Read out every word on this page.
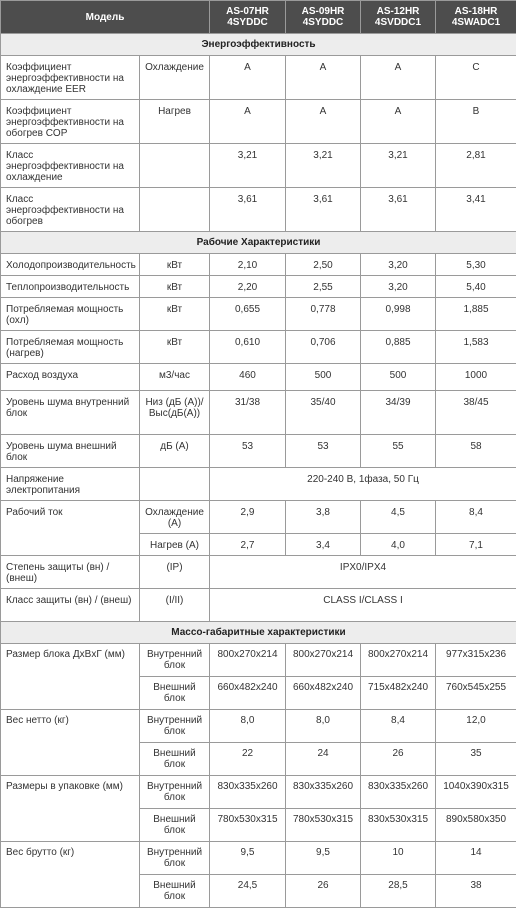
Модель		AS-07HR 4SYDDC	AS-09HR 4SYDDC	AS-12HR 4SVDDC1	AS-18HR 4SWADC1
Энергоэффективность					
Коэффициент энергоэффективности на охлаждение EER	Охлаждение	A	A	A	C
Коэффициент энергоэффективности на обогрев COP	Нагрев	A	A	A	B
Класс энергоэффективности на охлаждение		3,21	3,21	3,21	2,81
Класс энергоэффективности на обогрев		3,61	3,61	3,61	3,41
Рабочие Характеристики					
Холодопроизводительность	кВт	2,10	2,50	3,20	5,30
Теплопроизводительность	кВт	2,20	2,55	3,20	5,40
Потребляемая мощность (охл)	кВт	0,655	0,778	0,998	1,885
Потребляемая мощность (нагрев)	кВт	0,610	0,706	0,885	1,583
Расход воздуха	м3/час	460	500	500	1000
Уровень шума внутренний блок	Низ (дБ (А))/ Выс(дБ(А))	31/38	35/40	34/39	38/45
Уровень шума внешний блок	дБ (А)	53	53	55	58
Напряжение электропитания		220-240 В, 1фаза, 50 Гц			
Рабочий ток	Охлаждение (А)	2,9	3,8	4,5	8,4
	Нагрев (А)	2,7	3,4	4,0	7,1
Степень защиты (вн) / (внеш)	(IP)	IPX0/IPX4			
Класс защиты (вн) / (внеш)	(I/II)	CLASS I/CLASS I			
Массо-габаритные характеристики					
Размер блока ДxВxГ (мм)	Внутренний блок	800x270x214	800x270x214	800x270x214	977x315x236
	Внешний блок	660x482x240	660x482x240	715x482x240	760x545x255
Вес нетто (кг)	Внутренний блок	8,0	8,0	8,4	12,0
	Внешний блок	22	24	26	35
Размеры в упаковке (мм)	Внутренний блок	830x335x260	830x335x260	830x335x260	1040x390x315
	Внешний блок	780x530x315	780x530x315	830x530x315	890x580x350
Вес брутто (кг)	Внутренний блок	9,5	9,5	10	14
	Внешний блок	24,5	26	28,5	38
